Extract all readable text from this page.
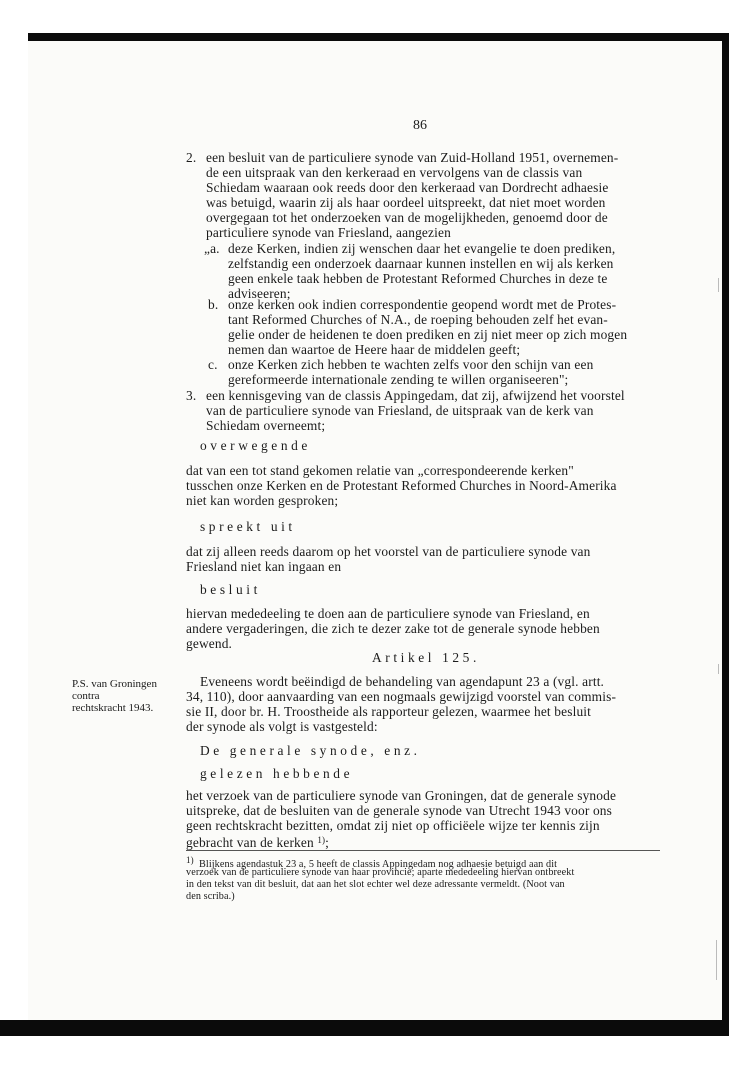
86
2. een besluit van de particuliere synode van Zuid-Holland 1951, overnemen-
de een uitspraak van den kerkeraad en vervolgens van de classis van
Schiedam waaraan ook reeds door den kerkeraad van Dordrecht adhaesie
was betuigd, waarin zij als haar oordeel uitspreekt, dat niet moet worden
overgegaan tot het onderzoeken van de mogelijkheden, genoemd door de
particuliere synode van Friesland, aangezien
„a. deze Kerken, indien zij wenschen daar het evangelie te doen prediken,
zelfstandig een onderzoek daarnaar kunnen instellen en wij als kerken
geen enkele taak hebben de Protestant Reformed Churches in deze te
adviseeren;
b. onze kerken ook indien correspondentie geopend wordt met de Protes-
tant Reformed Churches of N.A., de roeping behouden zelf het evan-
gelie onder de heidenen te doen prediken en zij niet meer op zich mogen
nemen dan waartoe de Heere haar de middelen geeft;
c. onze Kerken zich hebben te wachten zelfs voor den schijn van een
gereformeerde internationale zending te willen organiseeren";
3. een kennisgeving van de classis Appingedam, dat zij, afwijzend het voorstel
van de particuliere synode van Friesland, de uitspraak van de kerk van
Schiedam overneemt;
overwegende
dat van een tot stand gekomen relatie van „correspondeerende kerken"
tusschen onze Kerken en de Protestant Reformed Churches in Noord-Amerika
niet kan worden gesproken;
spreekt uit
dat zij alleen reeds daarom op het voorstel van de particuliere synode van
Friesland niet kan ingaan en
besluit
hiervan mededeeling te doen aan de particuliere synode van Friesland, en
andere vergaderingen, die zich te dezer zake tot de generale synode hebben
gewend.
Artikel 125.
P.S. van Groningen
contra
rechtskracht 1943.
Eveneens wordt beëindigd de behandeling van agendapunt 23 a (vgl. artt.
34, 110), door aanvaarding van een nogmaals gewijzigd voorstel van commis-
sie II, door br. H. Troostheide als rapporteur gelezen, waarmee het besluit
der synode als volgt is vastgesteld:
De generale synode, enz.
gelezen hebbende
het verzoek van de particuliere synode van Groningen, dat de generale synode
uitspreke, dat de besluiten van de generale synode van Utrecht 1943 voor ons
geen rechtskracht bezitten, omdat zij niet op officiëele wijze ter kennis zijn
gebracht van de kerken $^{1)}$;
1) Blijkens agendastuk 23 a, 5 heeft de classis Appingedam nog adhaesie betuigd aan dit
verzoek van de particuliere synode van haar provincie; aparte mededeeling hiervan ontbreekt
in den tekst van dit besluit, dat aan het slot echter wel deze adressante vermeldt. (Noot van
den scriba.)
